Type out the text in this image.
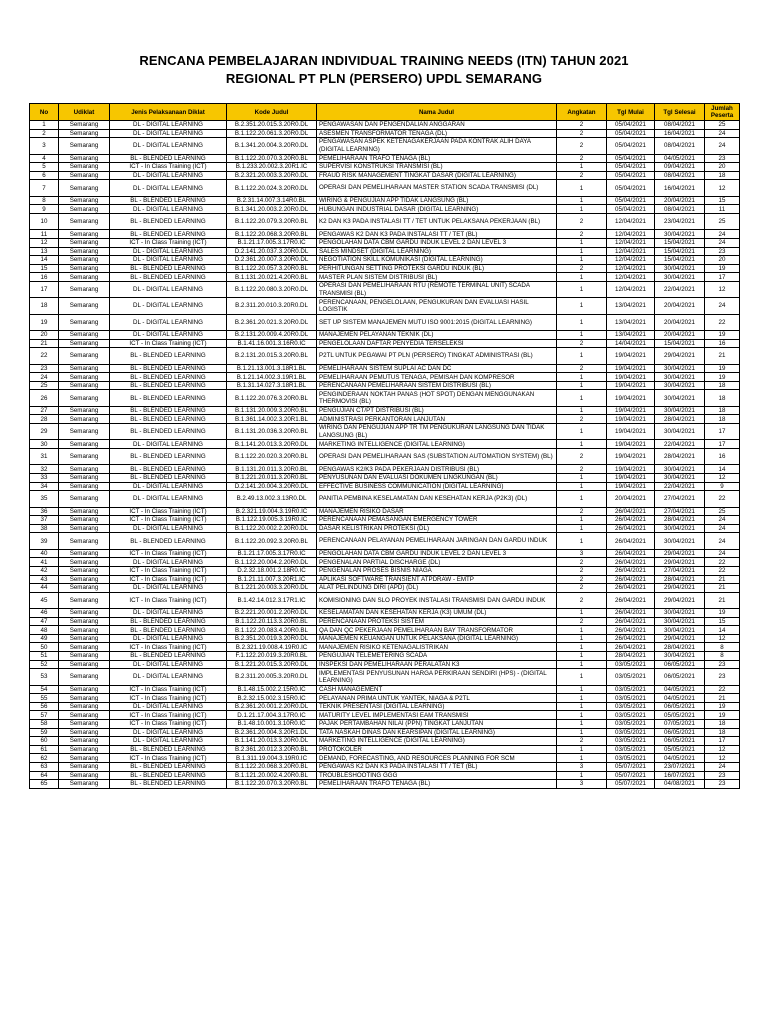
RENCANA PEMBELAJARAN INDIVIDUAL TRAINING NEEDS (ITN) TAHUN 2021

REGIONAL PT PLN (PERSERO) UPDL SEMARANG

No	Udiklat	Jenis Pelaksanaan Diklat	Kode Judul	Nama Judul	Angkatan	Tgl Mulai	Tgl Selesai	Jumlah Peserta
1	Semarang	DL - DIGITAL LEARNING	B.2.351.20.015.3.20R0.DL	PENGAWASAN DAN PENGENDALIAN ANGGARAN	2	05/04/2021	08/04/2021	25
2	Semarang	DL - DIGITAL LEARNING	B.1.122.20.061.3.20R0.DL	ASESMEN TRANSFORMATOR TENAGA (DL)	2	05/04/2021	16/04/2021	24
3	Semarang	DL - DIGITAL LEARNING	B.1.341.20.004.3.20R0.DL	PENGAWASAN ASPEK KETENAGAKERJAAN PADA KONTRAK ALIH DAYA (DIGITAL LEARNING)	2	05/04/2021	08/04/2021	24
4	Semarang	BL - BLENDED LEARNING	B.1.122.20.070.3.20R0.BL	PEMELIHARAAN TRAFO TENAGA (BL)	2	05/04/2021	04/05/2021	23
5	Semarang	ICT - In Class Training (ICT)	B.1.233.20.002.3.20R1.IC	SUPERVISI KONSTRUKSI TRANSMISI (BL)	1	05/04/2021	09/04/2021	20
6	Semarang	DL - DIGITAL LEARNING	B.2.321.20.003.3.20R0.DL	FRAUD RISK MANAGEMENT TINGKAT DASAR (DIGITAL LEARNING)	2	05/04/2021	08/04/2021	18
7	Semarang	DL - DIGITAL LEARNING	B.1.122.20.024.3.20R0.DL	OPERASI DAN PEMELIHARAAN MASTER STATION SCADA TRANSMISI (DL)	1	05/04/2021	16/04/2021	12
8	Semarang	BL - BLENDED LEARNING	B.2.31.14.007.3.14R0.BL	WIRING & PENGUJIAN APP TIDAK LANGSUNG (BL)	1	05/04/2021	20/04/2021	15
9	Semarang	DL - DIGITAL LEARNING	B.1.341.20.003.2.20R0.DL	HUBUNGAN INDUSTRIAL DASAR (DIGITAL LEARNING)	1	05/04/2021	08/04/2021	11
10	Semarang	BL - BLENDED LEARNING	B.1.122.20.079.3.20R0.BL	K2 DAN K3 PADA INSTALASI TT / TET UNTUK PELAKSANA PEKERJAAN (BL)	2	12/04/2021	23/04/2021	25
11	Semarang	BL - BLENDED LEARNING	B.1.122.20.068.3.20R0.BL	PENGAWAS K2 DAN K3 PADA INSTALASI TT / TET (BL)	2	12/04/2021	30/04/2021	24
12	Semarang	ICT - In Class Training (ICT)	B.1.21.17.005.3.17R0.IC	PENGOLAHAN DATA CBM GARDU INDUK LEVEL 2 DAN LEVEL 3	1	12/04/2021	15/04/2021	24
13	Semarang	DL - DIGITAL LEARNING	D.2.141.20.037.3.20R0.DL	SALES MINDSET (DIGITAL LEARNING)	1	12/04/2021	15/04/2021	23
14	Semarang	DL - DIGITAL LEARNING	D.2.361.20.007.3.20R0.DL	NEGOTIATION SKILL KOMUNIKASI (DIGITAL LEARNING)	1	12/04/2021	15/04/2021	20
15	Semarang	BL - BLENDED LEARNING	B.1.122.20.057.3.20R0.BL	PERHITUNGAN SETTING PROTEKSI GARDU INDUK (BL)	2	12/04/2021	30/04/2021	19
16	Semarang	BL - BLENDED LEARNING	B.1.131.20.021.4.20R0.BL	MASTER PLAN SISTEM DISTRIBUSI (BL)	1	12/04/2021	30/04/2021	17
17	Semarang	DL - DIGITAL LEARNING	B.1.122.20.080.3.20R0.DL	OPERASI DAN PEMELIHARAAN RTU (REMOTE TERMINAL UNIT) SCADA TRANSMISI (BL)	1	12/04/2021	22/04/2021	12
18	Semarang	DL - DIGITAL LEARNING	B.2.311.20.010.3.20R0.DL	PERENCANAAN, PENGELOLAAN, PENGUKURAN DAN EVALUASI HASIL LOGISTIK	1	13/04/2021	20/04/2021	24
19	Semarang	DL - DIGITAL LEARNING	B.2.361.20.021.3.20R0.DL	SET UP SISTEM MANAJEMEN MUTU ISO 9001:2015 (DIGITAL LEARNING)	1	13/04/2021	20/04/2021	22
20	Semarang	DL - DIGITAL LEARNING	B.2.131.20.009.4.20R0.DL	MANAJEMEN PELAYANAN TEKNIK (DL)	1	13/04/2021	20/04/2021	19
21	Semarang	ICT - In Class Training (ICT)	B.1.41.16.001.3.16R0.IC	PENGELOLAAN DAFTAR PENYEDIA TERSELEKSI	2	14/04/2021	15/04/2021	16
22	Semarang	BL - BLENDED LEARNING	B.2.131.20.015.3.20R0.BL	P2TL UNTUK PEGAWAI PT PLN (PERSERO) TINGKAT ADMINISTRASI (BL)	1	19/04/2021	29/04/2021	21
23	Semarang	BL - BLENDED LEARNING	B.1.21.13.001.3.18R1.BL	PEMELIHARAAN SISTEM SUPLAI AC DAN DC	2	19/04/2021	30/04/2021	19
24	Semarang	BL - BLENDED LEARNING	B.1.21.14.002.3.19R1.BL	PEMELIHARAAN PEMUTUS TENAGA, PEMISAH DAN KOMPRESOR	1	19/04/2021	30/04/2021	19
25	Semarang	BL - BLENDED LEARNING	B.1.31.14.027.3.18R1.BL	PERENCANAAN PEMELIHARAAN SISTEM DISTRIBUSI (BL)	1	19/04/2021	30/04/2021	18
26	Semarang	BL - BLENDED LEARNING	B.1.122.20.076.3.20R0.BL	PENGINDERAAN NOKTAH PANAS (HOT SPOT) DENGAN MENGGUNAKAN THERMOVISI (BL)	1	19/04/2021	30/04/2021	18
27	Semarang	BL - BLENDED LEARNING	B.1.131.20.009.3.20R0.BL	PENGUJIAN CT/PT DISTRIBUSI (BL)	1	19/04/2021	30/04/2021	18
28	Semarang	BL - BLENDED LEARNING	B.1.361.14.002.3.20R1.BL	ADMINISTRASI PERKANTORAN LANJUTAN	2	19/04/2021	28/04/2021	18
29	Semarang	BL - BLENDED LEARNING	B.1.131.20.036.3.20R0.BL	WIRING DAN PENGUJIAN APP TR TM PENGUKURAN LANGSUNG DAN TIDAK LANGSUNG (BL)	1	19/04/2021	30/04/2021	17
30	Semarang	DL - DIGITAL LEARNING	B.1.141.20.013.3.20R0.DL	MARKETING INTELLIGENCE (DIGITAL LEARNING)	1	19/04/2021	22/04/2021	17
31	Semarang	BL - BLENDED LEARNING	B.1.122.20.020.3.20R0.BL	OPERASI DAN PEMELIHARAAN SAS (SUBSTATION AUTOMATION SYSTEM) (BL)	2	19/04/2021	28/04/2021	16
32	Semarang	BL - BLENDED LEARNING	B.1.131.20.011.3.20R0.BL	PENGAWAS K2/K3 PADA PEKERJAAN DISTRIBUSI (BL)	2	19/04/2021	30/04/2021	14
33	Semarang	BL - BLENDED LEARNING	B.1.221.20.011.3.20R0.BL	PENYUSUNAN DAN EVALUASI DOKUMEN LINGKUNGAN (BL)	1	19/04/2021	30/04/2021	12
34	Semarang	DL - DIGITAL LEARNING	D.2.141.20.004.3.20R0.DL	EFFECTIVE BUSINESS COMMUNICATION (DIGITAL LEARNING)	1	19/04/2021	22/04/2021	9
35	Semarang	DL - DIGITAL LEARNING	B.2.49.13.002.3.13R0.DL	PANITIA PEMBINA KESELAMATAN DAN KESEHATAN KERJA (P2K3) (DL)	1	20/04/2021	27/04/2021	22
36	Semarang	ICT - In Class Training (ICT)	B.2.321.19.004.3.19R0.IC	MANAJEMEN RISIKO DASAR	2	26/04/2021	27/04/2021	25
37	Semarang	ICT - In Class Training (ICT)	B.1.122.19.005.3.19R0.IC	PERENCANAAN PEMASANGAN EMERGENCY TOWER	1	26/04/2021	28/04/2021	24
38	Semarang	DL - DIGITAL LEARNING	B.1.122.20.002.2.20R0.DL	DASAR KELISTRIKAN PROTEKSI (DL)	1	26/04/2021	30/04/2021	24
39	Semarang	BL - BLENDED LEARNING	B.1.122.20.092.3.20R0.BL	PERENCANAAN PELAYANAN PEMELIHARAAN JARINGAN DAN GARDU INDUK	1	26/04/2021	30/04/2021	24
40	Semarang	ICT - In Class Training (ICT)	B.1.21.17.005.3.17R0.IC	PENGOLAHAN DATA CBM GARDU INDUK LEVEL 2 DAN LEVEL 3	3	26/04/2021	29/04/2021	24
41	Semarang	DL - DIGITAL LEARNING	B.1.122.20.004.2.20R0.DL	PENGENALAN PARTIAL DISCHARGE (DL)	2	26/04/2021	29/04/2021	22
42	Semarang	ICT - In Class Training (ICT)	D.2.32.18.001.2.18R0.IC	PENGENALAN PROSES BISNIS NIAGA	2	26/04/2021	27/04/2021	22
43	Semarang	ICT - In Class Training (ICT)	B.1.21.11.007.3.20R1.IC	APLIKASI SOFTWARE TRANSIENT ATPDRAW - EMTP	2	26/04/2021	28/04/2021	21
44	Semarang	DL - DIGITAL LEARNING	B.1.221.20.003.3.20R0.DL	ALAT PELINDUNG DIRI (APD) (DL)	2	26/04/2021	29/04/2021	21
45	Semarang	ICT - In Class Training (ICT)	B.1.42.14.012.3.17R1.IC	KOMISIONING DAN SLO PROYEK INSTALASI TRANSMISI DAN GARDU INDUK	2	26/04/2021	29/04/2021	21
46	Semarang	DL - DIGITAL LEARNING	B.2.221.20.001.2.20R0.DL	KESELAMATAN DAN KESEHATAN KERJA (K3) UMUM (DL)	1	26/04/2021	30/04/2021	19
47	Semarang	BL - BLENDED LEARNING	B.1.122.20.113.3.20R0.BL	PERENCANAAN PROTEKSI SISTEM	2	26/04/2021	30/04/2021	15
48	Semarang	BL - BLENDED LEARNING	B.1.122.20.083.4.20R0.BL	QA DAN QC PEKERJAAN PEMELIHARAAN BAY TRANSFORMATOR	1	26/04/2021	30/04/2021	14
49	Semarang	DL - DIGITAL LEARNING	B.2.351.20.019.3.20R0.DL	MANAJEMEN KEUANGAN UNTUK PELAKSANA (DIGITAL LEARNING)	1	26/04/2021	29/04/2021	12
50	Semarang	ICT - In Class Training (ICT)	B.2.321.19.008.4.19R0.IC	MANAJEMEN RISIKO KETENAGALISTRIKAN	1	26/04/2021	28/04/2021	8
51	Semarang	BL - BLENDED LEARNING	F.1.122.20.019.3.20R0.BL	PENGUJIAN TELEMETERING SCADA	1	28/04/2021	30/04/2021	8
52	Semarang	DL - DIGITAL LEARNING	B.1.221.20.015.3.20R0.DL	INSPEKSI DAN PEMELIHARAAN PERALATAN K3	1	03/05/2021	06/05/2021	23
53	Semarang	DL - DIGITAL LEARNING	B.2.311.20.005.3.20R0.DL	IMPLEMENTASI PENYUSUNAN HARGA PERKIRAAN SENDIRI (HPS) - (DIGITAL LEARNING)	1	03/05/2021	06/05/2021	23
54	Semarang	ICT - In Class Training (ICT)	B.1.48.15.002.2.15R0.IC	CASH MANAGEMENT	1	03/05/2021	04/05/2021	22
55	Semarang	ICT - In Class Training (ICT)	B.2.32.15.002.3.15R0.IC	PELAYANAN PRIMA UNTUK YANTEK, NIAGA & P2TL	1	03/05/2021	04/05/2021	21
56	Semarang	DL - DIGITAL LEARNING	B.2.361.20.001.2.20R0.DL	TEKNIK PRESENTASI (DIGITAL LEARNING)	1	03/05/2021	06/05/2021	19
57	Semarang	ICT - In Class Training (ICT)	D.1.21.17.004.3.17R0.IC	MATURITY LEVEL IMPLEMENTASI EAM TRANSMISI	1	03/05/2021	05/05/2021	19
58	Semarang	ICT - In Class Training (ICT)	B.1.48.10.001.3.10R0.IC	PAJAK PERTAMBAHAN NILAI (PPN) TINGKAT LANJUTAN	1	03/05/2021	07/05/2021	18
59	Semarang	DL - DIGITAL LEARNING	B.2.361.20.004.3.20R1.DL	TATA NASKAH DINAS DAN KEARSIPAN (DIGITAL LEARNING)	1	03/05/2021	06/05/2021	18
60	Semarang	DL - DIGITAL LEARNING	B.1.141.20.013.3.20R0.DL	MARKETING INTELLIGENCE (DIGITAL LEARNING)	2	03/05/2021	06/05/2021	17
61	Semarang	BL - BLENDED LEARNING	B.2.361.20.012.3.20R0.BL	PROTOKOLER	1	03/05/2021	05/05/2021	12
62	Semarang	ICT - In Class Training (ICT)	B.1.311.19.004.3.19R0.IC	DEMAND, FORECASTING, AND RESOURCES PLANNING FOR SCM	1	03/05/2021	04/05/2021	12
63	Semarang	BL - BLENDED LEARNING	B.1.122.20.068.3.20R0.BL	PENGAWAS K2 DAN K3 PADA INSTALASI TT / TET (BL)	3	05/07/2021	23/07/2021	24
64	Semarang	BL - BLENDED LEARNING	B.1.121.20.002.4.20R0.BL	TROUBLESHOOTING GGG	1	05/07/2021	16/07/2021	23
65	Semarang	BL - BLENDED LEARNING	B.1.122.20.070.3.20R0.BL	PEMELIHARAAN TRAFO TENAGA (BL)	3	05/07/2021	04/08/2021	23
